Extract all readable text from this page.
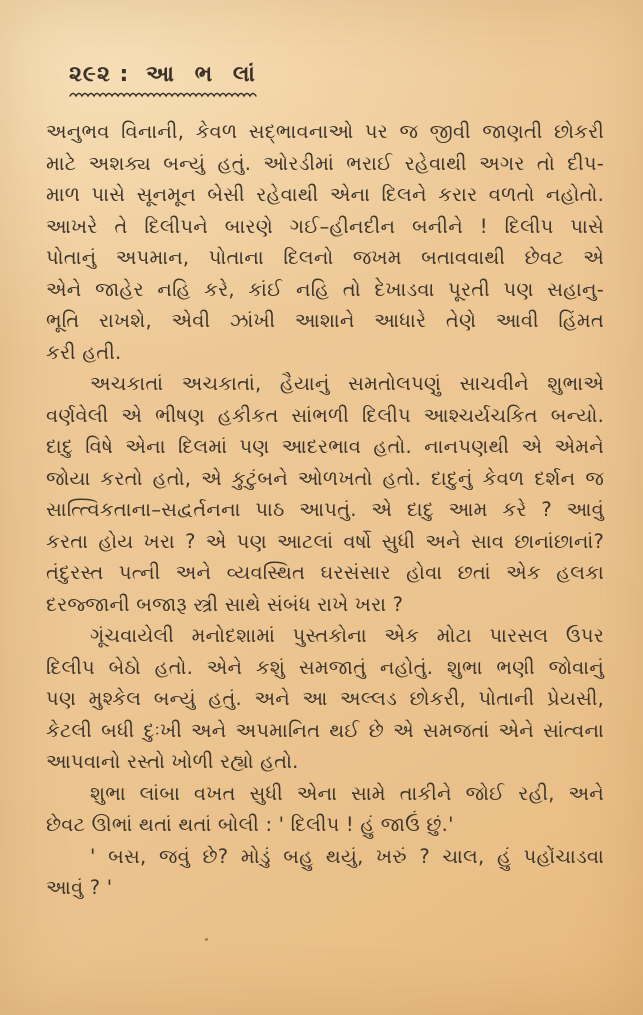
૨૯૨ : આ ભ લાં
અનુભવ વિનાની, કેવળ સદ્ભાવનાઓ પર જ જીવી જાણતી છોકરી
માટે અશક્ય બન્યું હતું. ઓરડીમાં ભરાઈ રહેવાથી અગર તો દીપ-
માળ પાસે સૂનમૂન બેસી રહેવાથી એના દિલને કરાર વળતો નહોતો.
આખરે તે દિલીપને બારણે ગઈ–હીનદીન બનીને ! દિલીપ પાસે
પોતાનું અપમાન, પોતાના દિલનો જખમ બતાવવાથી છેવટ એ
એને જાહેર નહિ કરે, કાંઈ નહિ તો દેખાડવા પૂરતી પણ સહાનુ-
ભૂતિ રાખશે, એવી ઝાંખી આશાને આધારે તેણે આવી હિંમત
કરી હતી.
અચકાતાં અચકાતાં, હૈયાનું સમતોલપણું સાચવીને શુભાએ
વર્ણવેલી એ ભીષણ હકીકત સાંભળી દિલીપ આશ્ચર્યચકિત બન્યો.
દાદુ વિષે એના દિલમાં પણ આદરભાવ હતો. નાનપણથી એ એમને
જોયા કરતો હતો, એ કુટુંબને ઓળખતો હતો. દાદુનું કેવળ દર્શન જ
સાત્ત્વિકતાના–સદ્વર્તનના પાઠ આપતું. એ દાદુ આમ કરે ? આવું
કરતા હોય ખરા ? એ પણ આટલાં વર્ષો સુધી અને સાવ છાનાંછાનાં?
તંદુરસ્ત પત્ની અને વ્યવસ્થિત ઘરસંસાર હોવા છતાં એક હલકા
દરજ્જાની બજારૂ સ્ત્રી સાથે સંબંધ રાખે ખરા ?
ગૂંચવાયેલી મનોદશામાં પુસ્તકોના એક મોટા પારસલ ઉપર
દિલીપ બેઠો હતો. એને કશું સમજાતું નહોતું. શુભા ભણી જોવાનું
પણ મુશ્કેલ બન્યું હતું. અને આ અલ્લડ છોકરી, પોતાની પ્રેયસી,
કેટલી બધી દુઃખી અને અપમાનિત થઈ છે એ સમજતાં એને સાંત્વના
આપવાનો રસ્તો ખોળી રહ્યો હતો.
શુભા લાંબા વખત સુધી એના સામે તાકીને જોઈ રહી, અને
છેવટ ઊભાં થતાં થતાં બોલી : ' દિલીપ ! હું જાઉં છું.'
' બસ, જવું છે? મોડું બહુ થયું, ખરું ? ચાલ, હું પહોંચાડવા
આવું ? '
